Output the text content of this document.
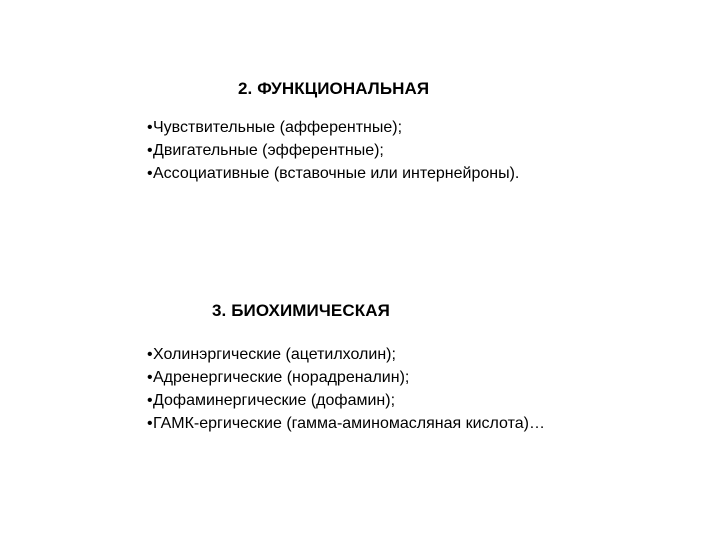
2. ФУНКЦИОНАЛЬНАЯ
•Чувствительные (афферентные);
•Двигательные (эфферентные);
•Ассоциативные (вставочные или интернейроны).
3. БИОХИМИЧЕСКАЯ
•Холинэргические (ацетилхолин);
•Адренергические (норадреналин);
•Дофаминергические (дофамин);
•ГАМК-ергические (гамма-аминомасляная кислота)…
